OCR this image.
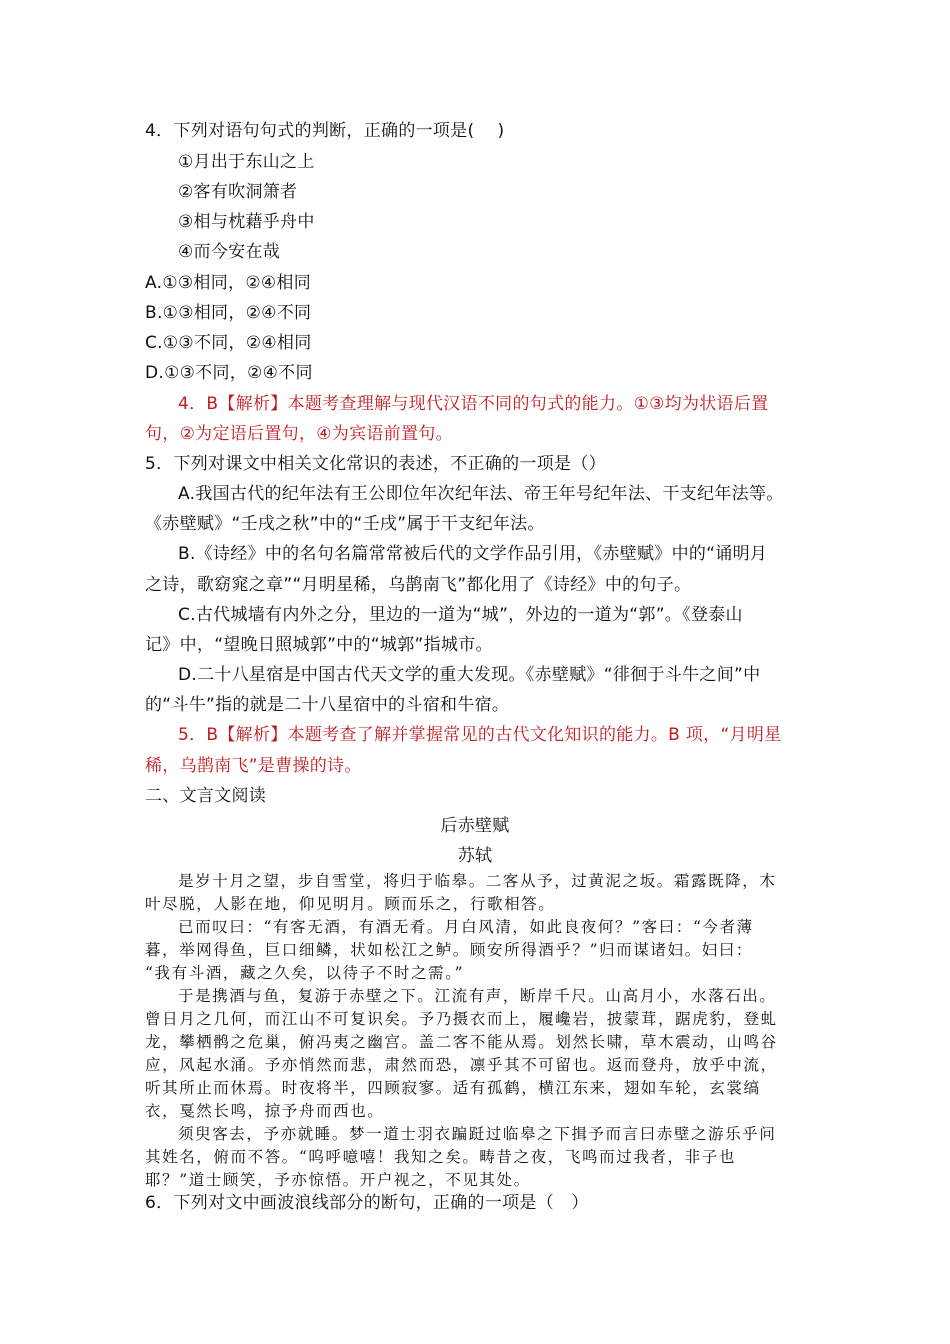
4．下列对语句句式的判断，正确的一项是(　 )
①月出于东山之上
②客有吹洞箫者
③相与枕藉乎舟中
④而今安在哉
A.①③相同，②④相同
B.①③相同，②④不同
C.①③不同，②④相同
D.①③不同，②④不同
4．B【解析】本题考查理解与现代汉语不同的句式的能力。①③均为状语后置
句，②为定语后置句，④为宾语前置句。
5．下列对课文中相关文化常识的表述，不正确的一项是（）
A.我国古代的纪年法有王公即位年次纪年法、帝王年号纪年法、干支纪年法等。
《赤壁赋》“壬戌之秋”中的“壬戌”属于干支纪年法。
B.《诗经》中的名句名篇常常被后代的文学作品引用，《赤壁赋》中的“诵明月
之诗，歌窈窕之章”“月明星稀，乌鹊南飞”都化用了《诗经》中的句子。
C.古代城墙有内外之分，里边的一道为“城”，外边的一道为“郭”。《登泰山
记》中，“望晚日照城郭”中的“城郭”指城市。
D.二十八星宿是中国古代天文学的重大发现。《赤壁赋》“徘徊于斗牛之间”中
的“斗牛”指的就是二十八星宿中的斗宿和牛宿。
5．B【解析】本题考查了解并掌握常见的古代文化知识的能力。B 项，“月明星
稀，乌鹊南飞”是曹操的诗。
二、文言文阅读
后赤壁赋
苏轼
是岁十月之望，步自雪堂，将归于临皋。二客从予，过黄泥之坂。霜露既降，木
叶尽脱，人影在地，仰见明月。顾而乐之，行歌相答。
已而叹曰：“有客无酒，有酒无肴。月白风清，如此良夜何？”客曰：“今者薄
暮，举网得鱼，巨口细鳞，状如松江之鲈。顾安所得酒乎？”归而谋诸妇。妇曰：
“我有斗酒，藏之久矣，以待子不时之需。”
于是携酒与鱼，复游于赤壁之下。江流有声，断岸千尺。山高月小，水落石出。
曾日月之几何，而江山不可复识矣。予乃摄衣而上，履巉岩，披蒙茸，踞虎豹，登虬
龙，攀栖鹘之危巢，俯冯夷之幽宫。盖二客不能从焉。划然长啸，草木震动，山鸣谷
应，风起水涌。予亦悄然而悲，肃然而恐，凛乎其不可留也。返而登舟，放乎中流，
听其所止而休焉。时夜将半，四顾寂寥。适有孤鹤，横江东来，翅如车轮，玄裳缟
衣，戛然长鸣，掠予舟而西也。
须臾客去，予亦就睡。梦一道士羽衣蹁跹过临皋之下揖予而言曰赤壁之游乐乎问
其姓名，俯而不答。“呜呼噫嘻！我知之矣。畴昔之夜，飞鸣而过我者，非子也
耶？”道士顾笑，予亦惊悟。开户视之，不见其处。
6．下列对文中画波浪线部分的断句，正确的一项是（　）
